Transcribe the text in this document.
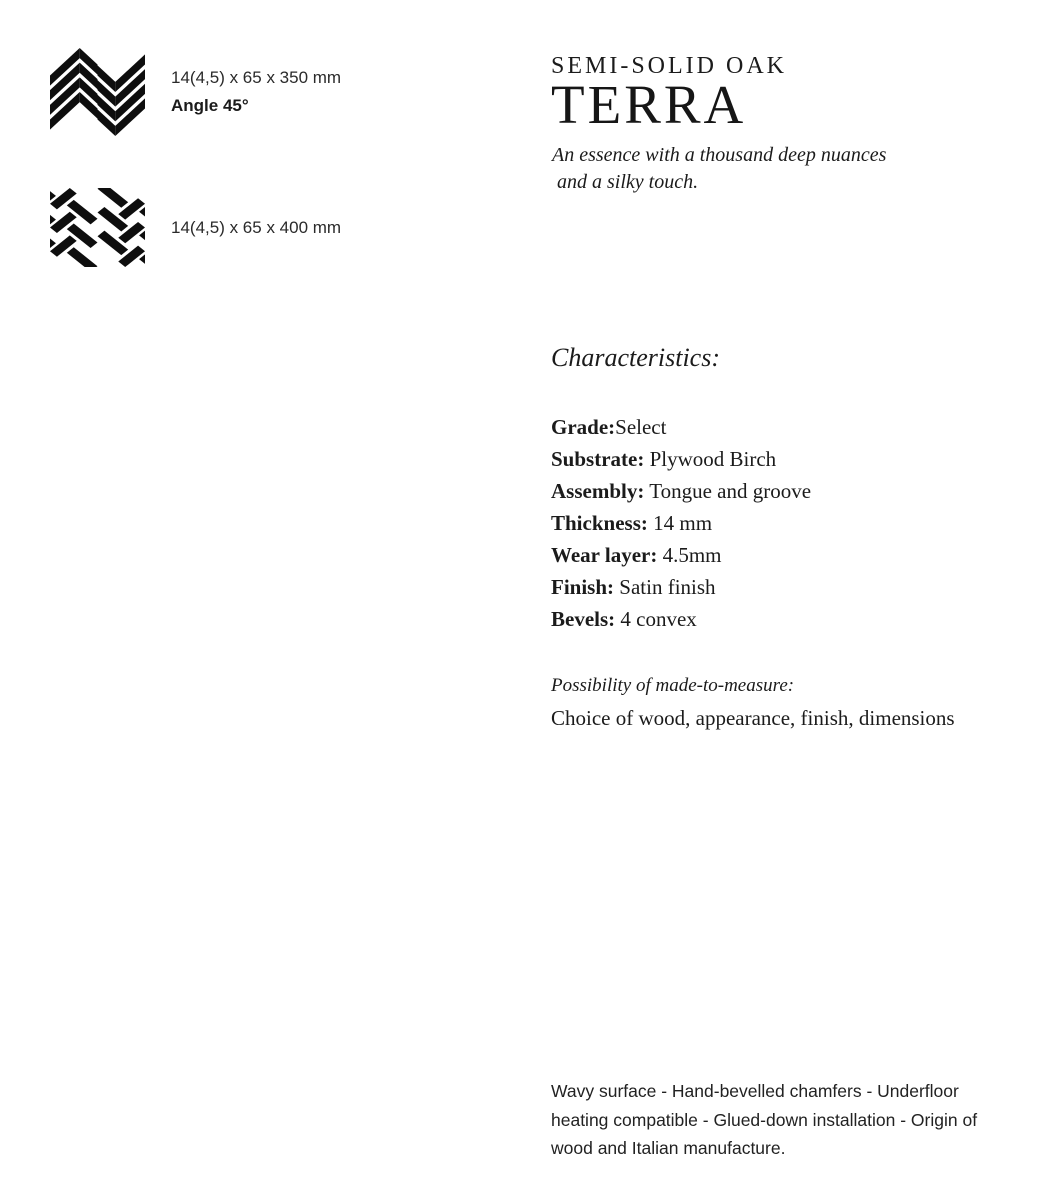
14(4,5) x 65 x 350 mm
Angle 45°
14(4,5) x 65 x 400 mm
SEMI-SOLID OAK
TERRA
An essence with a thousand deep nuances
and a silky touch.
Characteristics:
Grade:Select
Substrate: Plywood Birch
Assembly: Tongue and groove
Thickness: 14 mm
Wear layer: 4.5mm
Finish: Satin finish
Bevels: 4 convex
Possibility of made-to-measure:
Choice of wood, appearance, finish, dimensions
Wavy surface - Hand-bevelled chamfers - Underfloor heating compatible - Glued-down installation - Origin of wood and Italian manufacture.
